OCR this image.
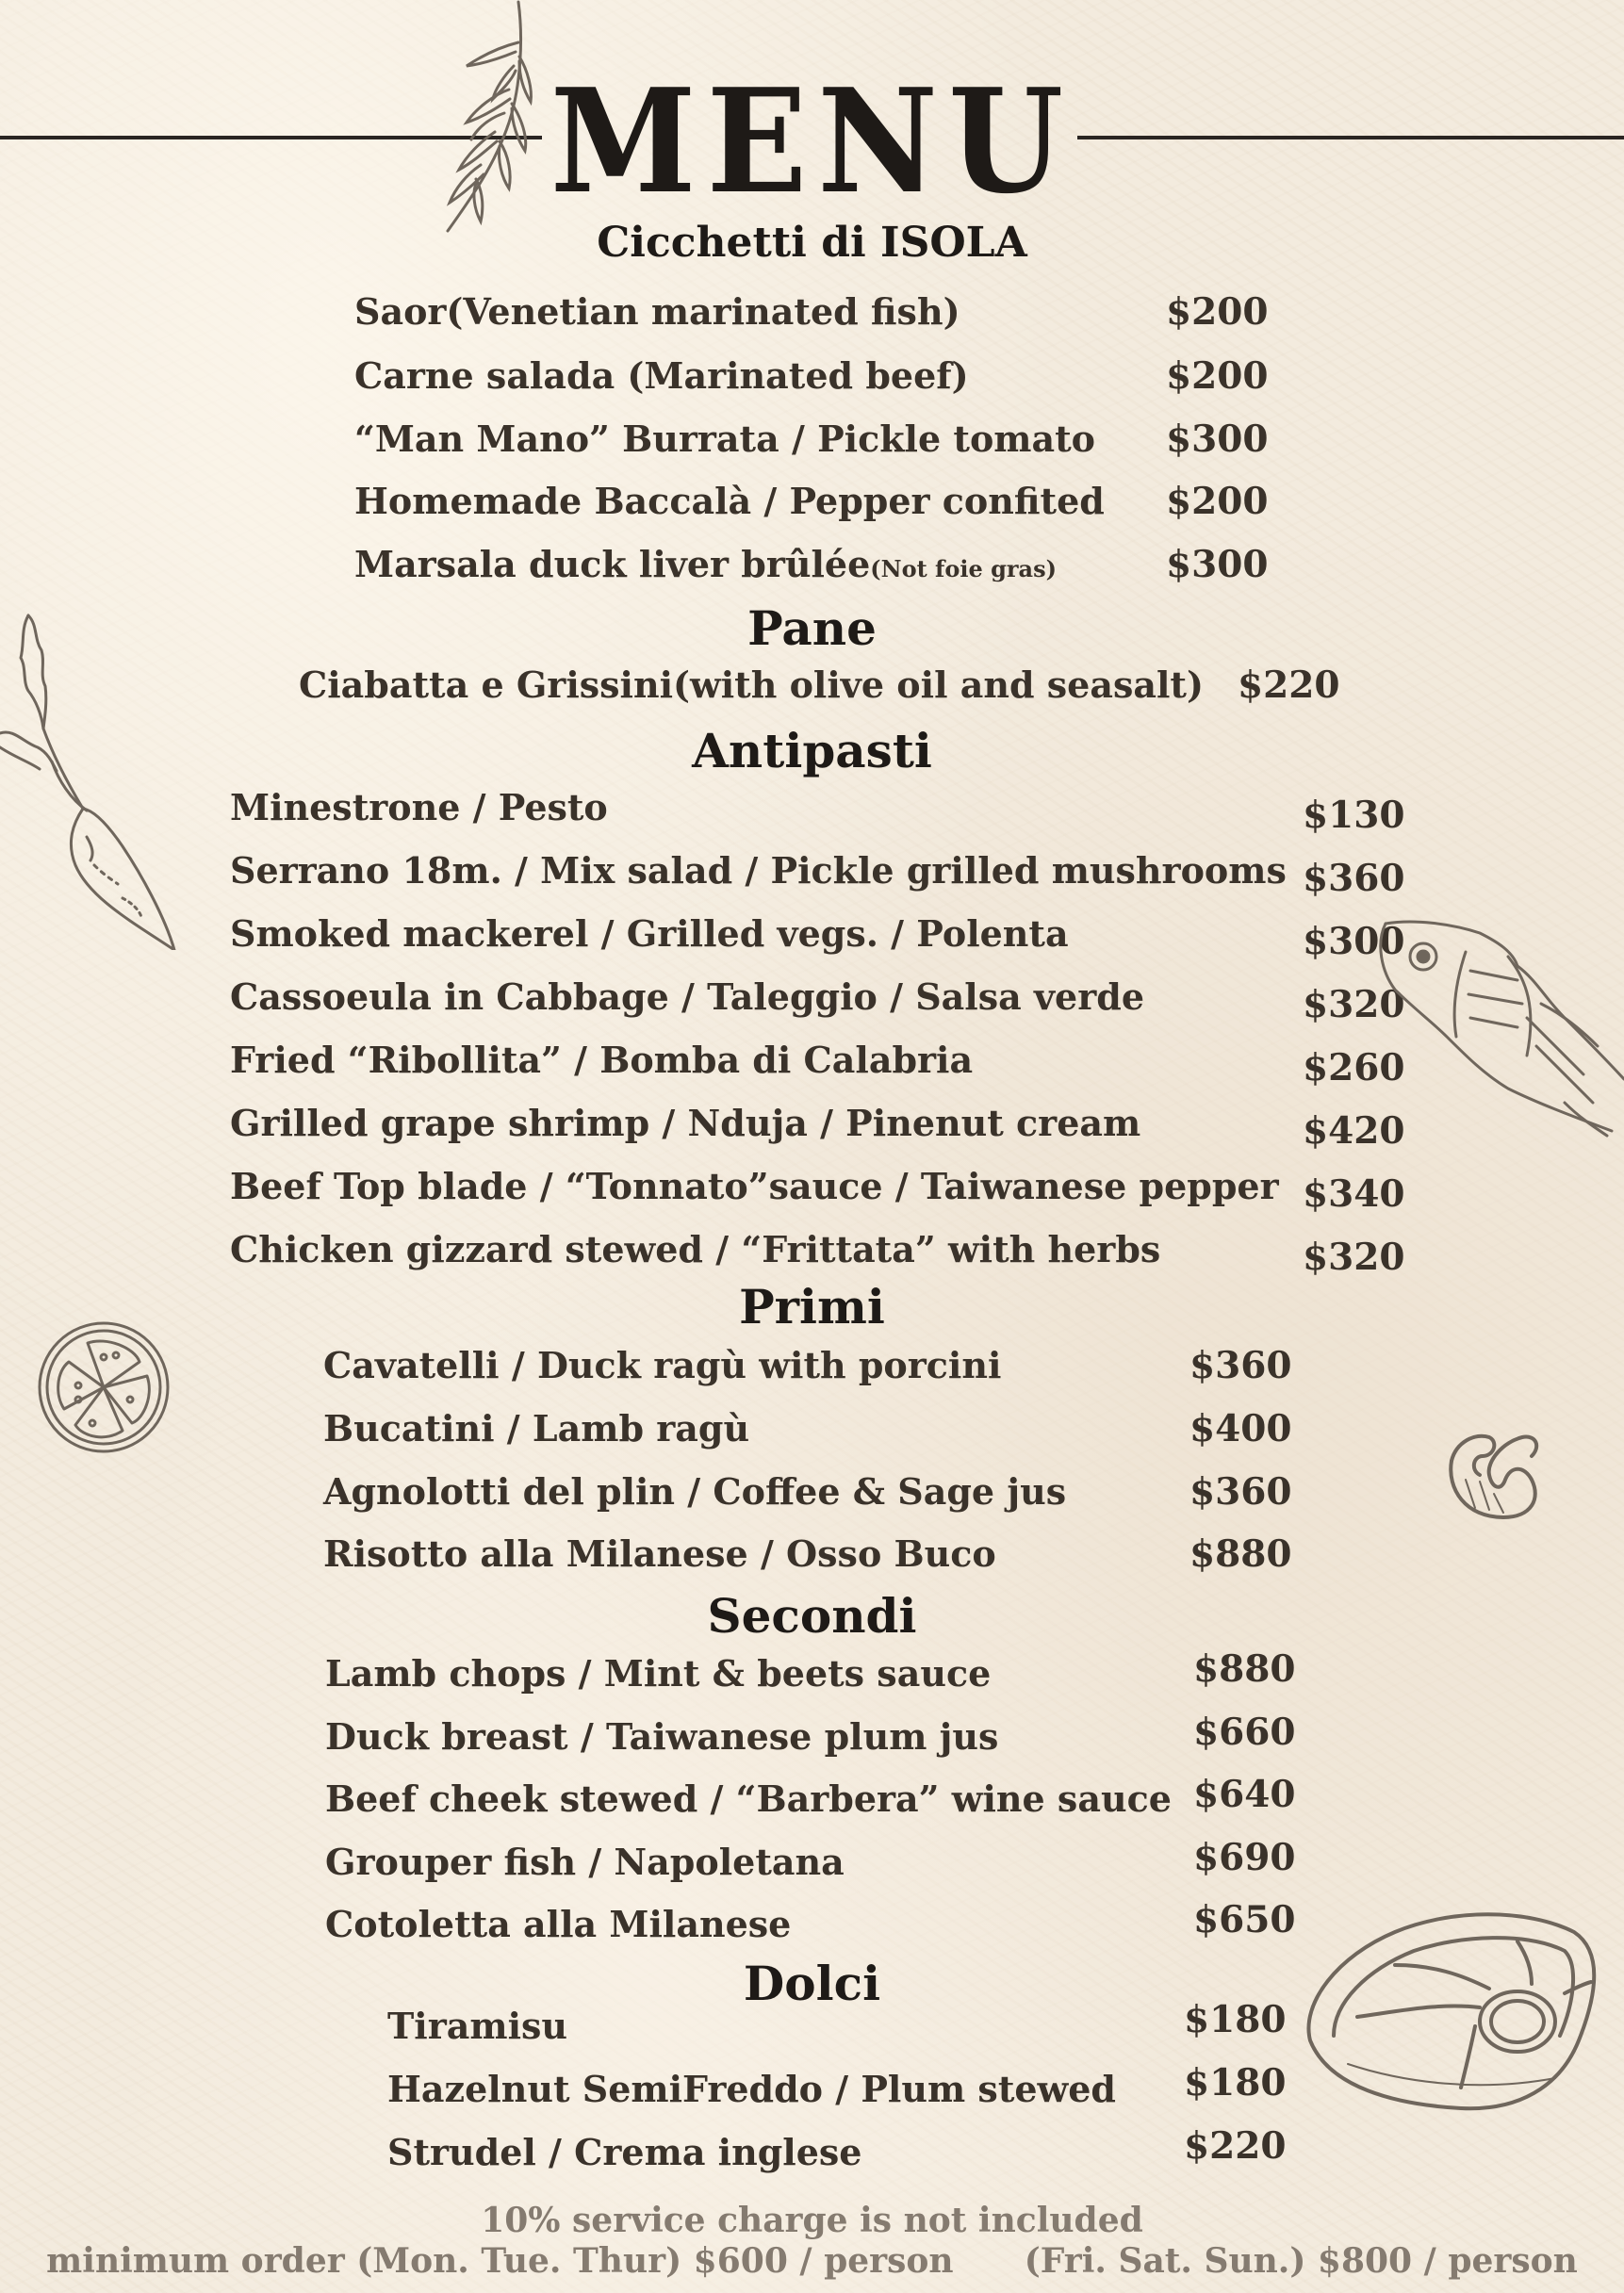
MENU
Cicchetti di ISOLA
Saor(Venetian marinated fish)	$200
Carne salada (Marinated beef)	$200
“Man Mano” Burrata / Pickle tomato $300
Homemade Baccalà / Pepper confited $200
Marsala duck liver brûlée(Not foie gras)	$300
Pane
Ciabatta e Grissini(with olive oil and seasalt) $220
Antipasti
Minestrone / Pesto	$130
Serrano 18m. / Mix salad / Pickle grilled mushrooms $360
Smoked mackerel / Grilled vegs. / Polenta	$300
Cassoeula in Cabbage / Taleggio / Salsa verde	$320
Fried “Ribollita” / Bomba di Calabria	$260
Grilled grape shrimp / Nduja / Pinenut cream	$420
Beef Top blade / “Tonnato”sauce / Taiwanese pepper $340
Chicken gizzard stewed / “Frittata” with herbs	$320
Primi
Cavatelli / Duck ragù with porcini	$360
Bucatini / Lamb ragù	$400
Agnolotti del plin / Coffee & Sage jus	$360
Risotto alla Milanese / Osso Buco	$880
Secondi
Lamb chops / Mint & beets sauce	$880
Duck breast / Taiwanese plum jus	$660
Beef cheek stewed / “Barbera” wine sauce $640
Grouper fish / Napoletana	$690
Cotoletta alla Milanese	$650
Dolci
Tiramisu	$180
Hazelnut SemiFreddo / Plum stewed $180
Strudel / Crema inglese	$220
10% service charge is not included
minimum order (Mon. Tue. Thur) $600 / person      (Fri. Sat. Sun.) $800 / person
